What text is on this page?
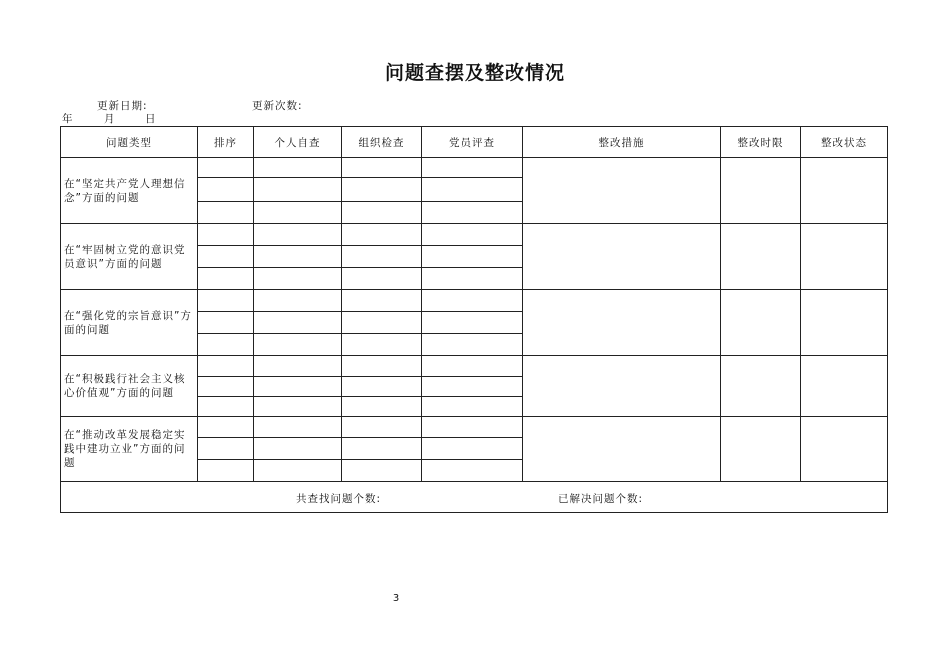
问题查摆及整改情况
更新日期:	更新次数:
年	月	日
问题类型	排序	个人自查	组织检查	党员评查	整改措施	整改时限	整改状态
在“坚定共产党人理想信念”方面的问题							

在“牢固树立党的意识党员意识”方面的问题							

在“强化党的宗旨意识”方面的问题							

在“积极践行社会主义核心价值观”方面的问题							

在“推动改革发展稳定实践中建功立业”方面的问题							

共查找问题个数: 已解决问题个数:							
3
